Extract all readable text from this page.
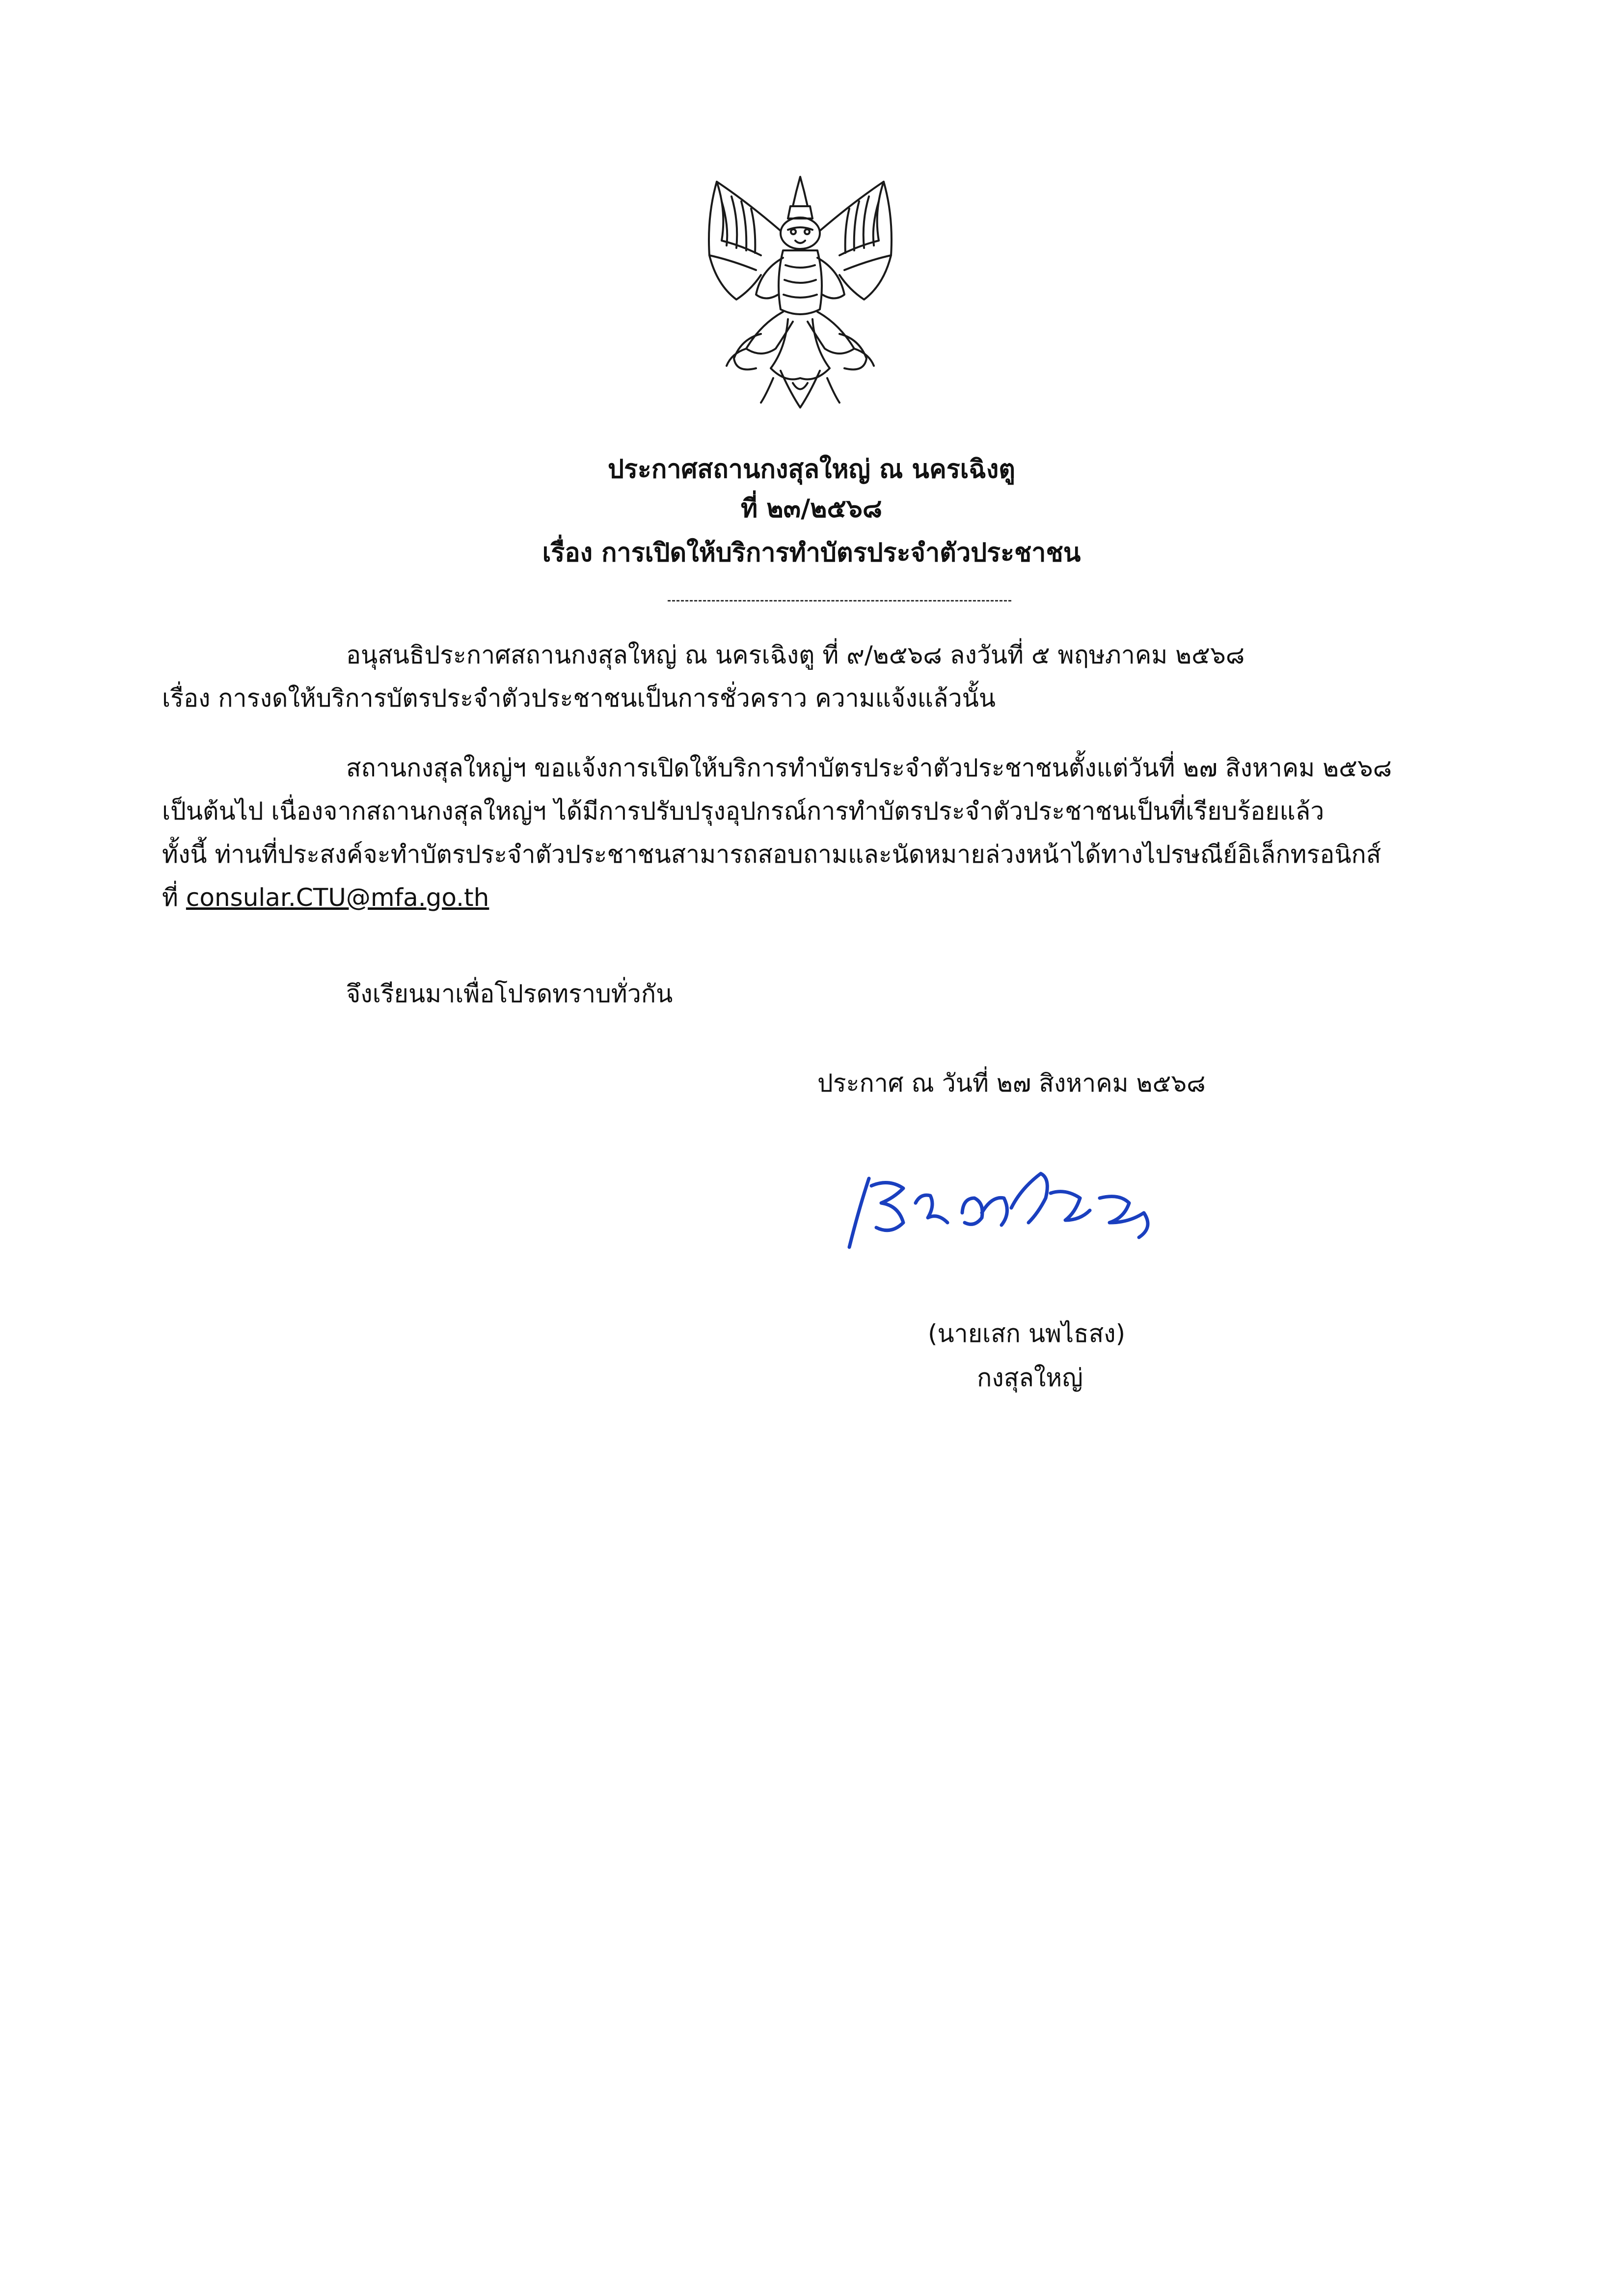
ประกาศสถานกงสุลใหญ่ ณ นครเฉิงตู
ที่ ๒๓/๒๕๖๘
เรื่อง การเปิดให้บริการทำบัตรประจำตัวประชาชน
อนุสนธิประกาศสถานกงสุลใหญ่ ณ นครเฉิงตู ที่ ๙/๒๕๖๘ ลงวันที่ ๕ พฤษภาคม ๒๕๖๘
เรื่อง การงดให้บริการบัตรประจำตัวประชาชนเป็นการชั่วคราว ความแจ้งแล้วนั้น
สถานกงสุลใหญ่ฯ ขอแจ้งการเปิดให้บริการทำบัตรประจำตัวประชาชนตั้งแต่วันที่ ๒๗ สิงหาคม ๒๕๖๘
เป็นต้นไป เนื่องจากสถานกงสุลใหญ่ฯ ได้มีการปรับปรุงอุปกรณ์การทำบัตรประจำตัวประชาชนเป็นที่เรียบร้อยแล้ว
ทั้งนี้ ท่านที่ประสงค์จะทำบัตรประจำตัวประชาชนสามารถสอบถามและนัดหมายล่วงหน้าได้ทางไปรษณีย์อิเล็กทรอนิกส์
ที่ consular.CTU@mfa.go.th
จึงเรียนมาเพื่อโปรดทราบทั่วกัน
ประกาศ ณ วันที่ ๒๗ สิงหาคม ๒๕๖๘
(นายเสก นพไธสง)
กงสุลใหญ่
